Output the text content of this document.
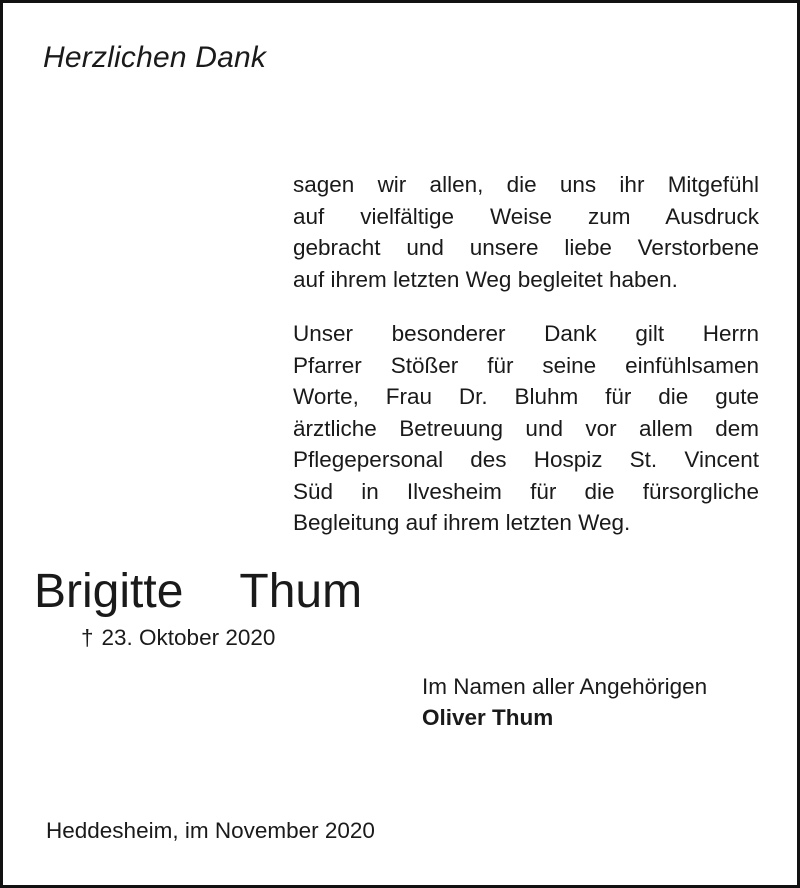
Herzlichen Dank
sagen wir allen, die uns ihr Mitgefühl
auf vielfältige Weise zum Ausdruck
gebracht und unsere liebe Verstorbene
auf ihrem letzten Weg begleitet haben.
Unser besonderer Dank gilt Herrn
Pfarrer Stößer für seine einfühlsamen
Worte, Frau Dr. Bluhm für die gute
ärztliche Betreuung und vor allem dem
Pflegepersonal des Hospiz St. Vincent
Süd in Ilvesheim für die fürsorgliche
Begleitung auf ihrem letzten Weg.
Brigitte Thum
† 23. Oktober 2020
Im Namen aller Angehörigen
Oliver Thum
Heddesheim, im November 2020
